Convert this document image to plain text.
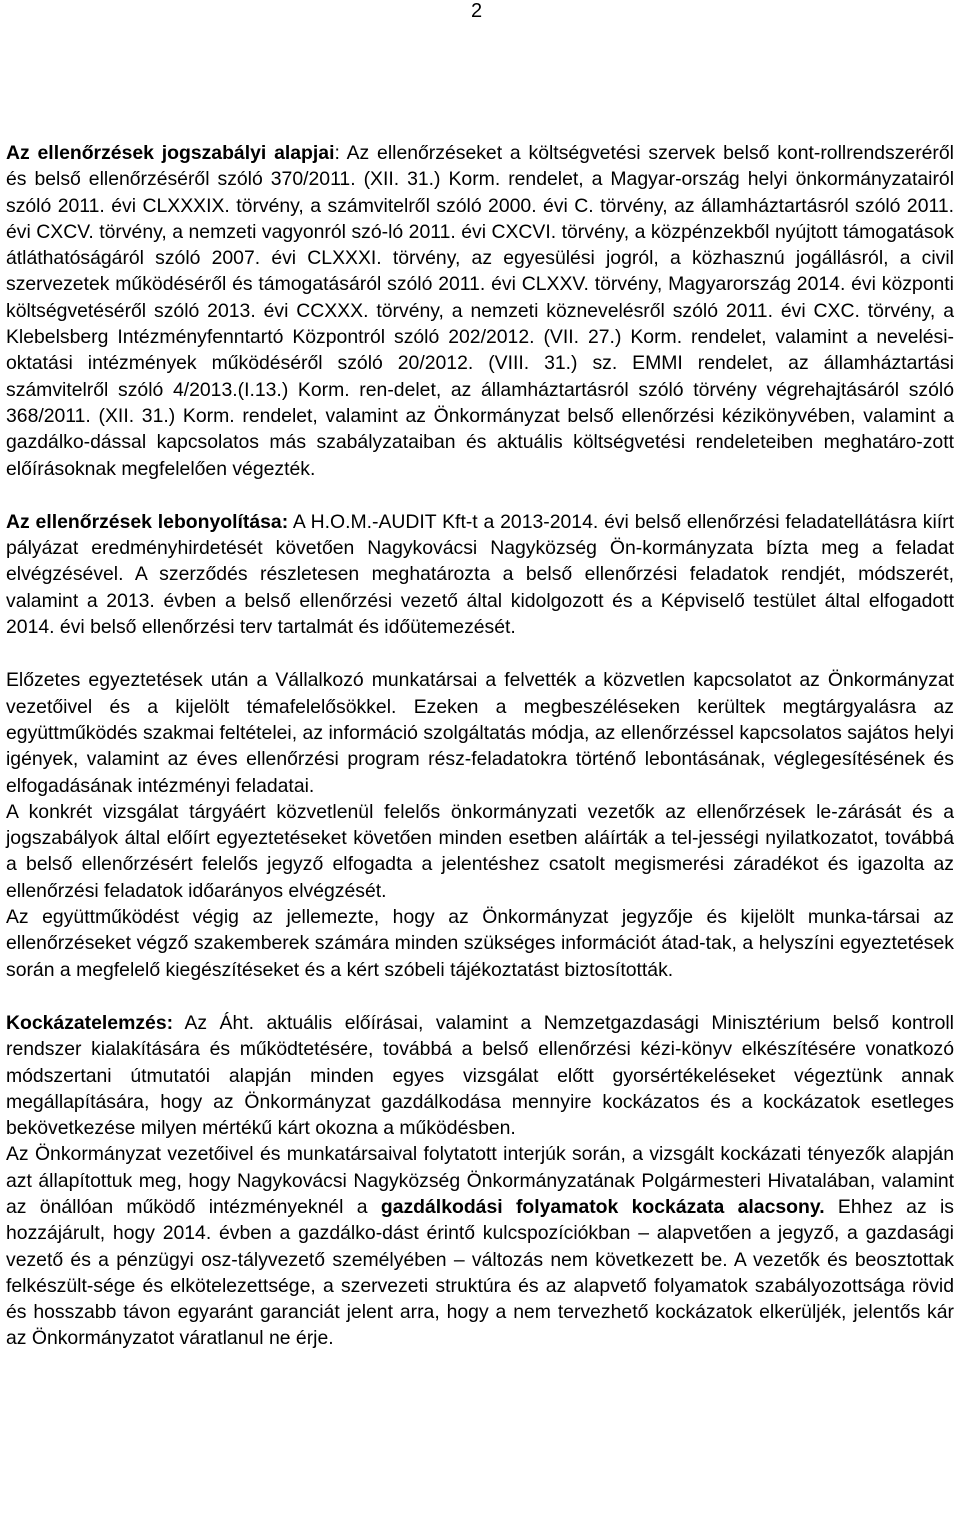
2

Az ellenőrzések jogszabályi alapjai: Az ellenőrzéseket a költségvetési szervek belső kont-rollrendszeréről és belső ellenőrzéséről szóló 370/2011. (XII. 31.) Korm. rendelet, a Magyar-ország helyi önkormányzatairól szóló 2011. évi CLXXXIX. törvény, a számvitelről szóló 2000. évi C. törvény, az államháztartásról szóló 2011. évi CXCV. törvény, a nemzeti vagyonról szó-ló 2011. évi CXCVI. törvény, a közpénzekből nyújtott támogatások átláthatóságáról szóló 2007. évi CLXXXI. törvény, az egyesülési jogról, a közhasznú jogállásról, a civil szervezetek működéséről és támogatásáról szóló 2011. évi CLXXV. törvény, Magyarország 2014. évi központi költségvetéséről szóló 2013. évi CCXXX. törvény, a nemzeti köznevelésről szóló 2011. évi CXC. törvény, a Klebelsberg Intézményfenntartó Központról szóló 202/2012. (VII. 27.) Korm. rendelet, valamint a nevelési-oktatási intézmények működéséről szóló 20/2012. (VIII. 31.) sz. EMMI rendelet, az államháztartási számvitelről szóló 4/2013.(I.13.) Korm. ren-delet, az államháztartásról szóló törvény végrehajtásáról szóló 368/2011. (XII. 31.) Korm. rendelet, valamint az Önkormányzat belső ellenőrzési kézikönyvében, valamint a gazdálko-dással kapcsolatos más szabályzataiban és aktuális költségvetési rendeleteiben meghatáro-zott előírásoknak megfelelően végezték.

Az ellenőrzések lebonyolítása: A H.O.M.-AUDIT Kft-t a 2013-2014. évi belső ellenőrzési feladatellátásra kiírt pályázat eredményhirdetését követően Nagykovácsi Nagyközség Ön-kormányzata bízta meg a feladat elvégzésével. A szerződés részletesen meghatározta a belső ellenőrzési feladatok rendjét, módszerét, valamint a 2013. évben a belső ellenőrzési vezető által kidolgozott és a Képviselő testület által elfogadott 2014. évi belső ellenőrzési terv tartalmát és időütemezését.

Előzetes egyeztetések után a Vállalkozó munkatársai a felvették a közvetlen kapcsolatot az Önkormányzat vezetőivel és a kijelölt témafelelősökkel. Ezeken a megbeszéléseken kerültek megtárgyalásra az együttműködés szakmai feltételei, az információ szolgáltatás módja, az ellenőrzéssel kapcsolatos sajátos helyi igények, valamint az éves ellenőrzési program rész-feladatokra történő lebontásának, véglegesítésének és elfogadásának intézményi feladatai.

A konkrét vizsgálat tárgyáért közvetlenül felelős önkormányzati vezetők az ellenőrzések le-zárását és a jogszabályok által előírt egyeztetéseket követően minden esetben aláírták a tel-jességi nyilatkozatot, továbbá a belső ellenőrzésért felelős jegyző elfogadta a jelentéshez csatolt megismerési záradékot és igazolta az ellenőrzési feladatok időarányos elvégzését.

Az együttműködést végig az jellemezte, hogy az Önkormányzat jegyzője és kijelölt munka-társai az ellenőrzéseket végző szakemberek számára minden szükséges információt átad-tak, a helyszíni egyeztetések során a megfelelő kiegészítéseket és a kért szóbeli tájékoztatást biztosították.

Kockázatelemzés: Az Áht. aktuális előírásai, valamint a Nemzetgazdasági Minisztérium belső kontroll rendszer kialakítására és működtetésére, továbbá a belső ellenőrzési kézi-könyv elkészítésére vonatkozó módszertani útmutatói alapján minden egyes vizsgálat előtt gyorsértékeléseket végeztünk annak megállapítására, hogy az Önkormányzat gazdálkodása mennyire kockázatos és a kockázatok esetleges bekövetkezése milyen mértékű kárt okozna a működésben.

Az Önkormányzat vezetőivel és munkatársaival folytatott interjúk során, a vizsgált kockázati tényezők alapján azt állapítottuk meg, hogy Nagykovácsi Nagyközség Önkormányzatának Polgármesteri Hivatalában, valamint az önállóan működő intézményeknél a gazdálkodási folyamatok kockázata alacsony. Ehhez az is hozzájárult, hogy 2014. évben a gazdálko-dást érintő kulcspozíciókban – alapvetően a jegyző, a gazdasági vezető és a pénzügyi osz-tályvezető személyében – változás nem következett be. A vezetők és beosztottak felkészült-sége és elkötelezettsége, a szervezeti struktúra és az alapvető folyamatok szabályozottsága rövid és hosszabb távon egyaránt garanciát jelent arra, hogy a nem tervezhető kockázatok elkerüljék, jelentős kár az Önkormányzatot váratlanul ne érje.
